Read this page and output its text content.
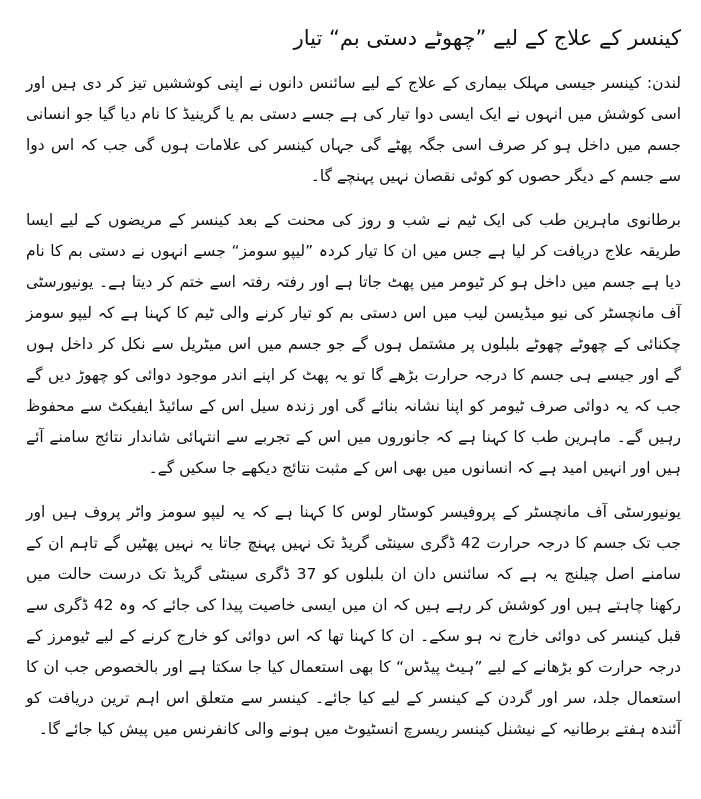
کینسر کے علاج کے لیے ”چھوٹے دستی بم“ تیار

لندن: کینسر جیسی مہلک بیماری کے علاج کے لیے سائنس دانوں نے اپنی کوششیں تیز کر دی ہیں اور اسی کوشش میں انہوں نے ایک ایسی دوا تیار کی ہے جسے دستی بم یا گرینیڈ کا نام دیا گیا جو انسانی جسم میں داخل ہو کر صرف اسی جگہ پھٹے گی جہاں کینسر کی علامات ہوں گی جب کہ اس دوا سے جسم کے دیگر حصوں کو کوئی نقصان نہیں پہنچے گا۔

برطانوی ماہرین طب کی ایک ٹیم نے شب و روز کی محنت کے بعد کینسر کے مریضوں کے لیے ایسا طریقہ علاج دریافت کر لیا ہے جس میں ان کا تیار کردہ ”لیپو سومز“ جسے انہوں نے دستی بم کا نام دیا ہے جسم میں داخل ہو کر ٹیومر میں پھٹ جاتا ہے اور رفتہ رفتہ اسے ختم کر دیتا ہے۔ یونیورسٹی آف مانچسٹر کی نیو میڈیسن لیب میں اس دستی بم کو تیار کرنے والی ٹیم کا کہنا ہے کہ لیپو سومز چکنائی کے چھوٹے چھوٹے بلبلوں پر مشتمل ہوں گے جو جسم میں اس میٹریل سے نکل کر داخل ہوں گے اور جیسے ہی جسم کا درجہ حرارت بڑھے گا تو یہ پھٹ کر اپنے اندر موجود دوائی کو چھوڑ دیں گے جب کہ یہ دوائی صرف ٹیومر کو اپنا نشانہ بنائے گی اور زندہ سیل اس کے سائیڈ ایفیکٹ سے محفوظ رہیں گے۔ ماہرین طب کا کہنا ہے کہ جانوروں میں اس کے تجربے سے انتہائی شاندار نتائج سامنے آئے ہیں اور انہیں امید ہے کہ انسانوں میں بھی اس کے مثبت نتائج دیکھے جا سکیں گے۔

یونیورسٹی آف مانچسٹر کے پروفیسر کوسٹار لوس کا کہنا ہے کہ یہ لیپو سومز واٹر پروف ہیں اور جب تک جسم کا درجہ حرارت 42 ڈگری سینٹی گریڈ تک نہیں پہنچ جاتا یہ نہیں پھٹیں گے تاہم ان کے سامنے اصل چیلنج یہ ہے کہ سائنس دان ان بلبلوں کو 37 ڈگری سینٹی گریڈ تک درست حالت میں رکھنا چاہتے ہیں اور کوشش کر رہے ہیں کہ ان میں ایسی خاصیت پیدا کی جائے کہ وہ 42 ڈگری سے قبل کینسر کی دوائی خارج نہ ہو سکے۔ ان کا کہنا تھا کہ اس دوائی کو خارج کرنے کے لیے ٹیومرز کے درجہ حرارت کو بڑھانے کے لیے ”ہیٹ پیڈس“ کا بھی استعمال کیا جا سکتا ہے اور بالخصوص جب ان کا استعمال جلد، سر اور گردن کے کینسر کے لیے کیا جائے۔ کینسر سے متعلق اس اہم ترین دریافت کو آئندہ ہفتے برطانیہ کے نیشنل کینسر ریسرچ انسٹیوٹ میں ہونے والی کانفرنس میں پیش کیا جائے گا۔
